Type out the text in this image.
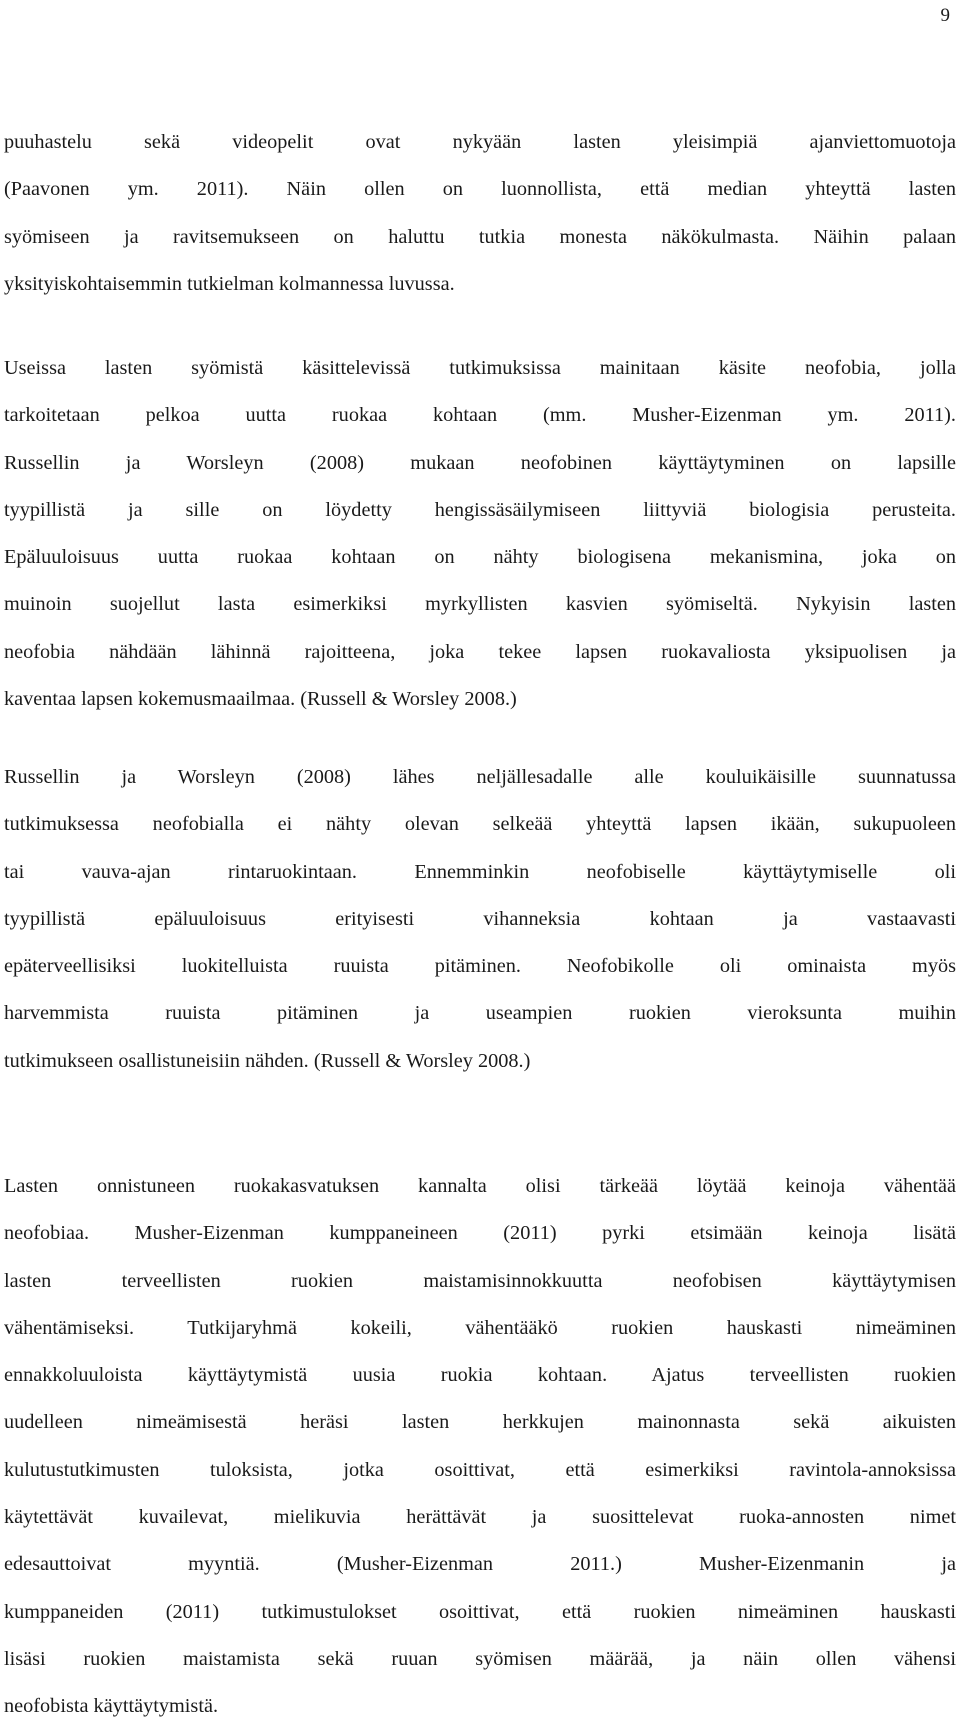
9
puuhastelu sekä videopelit ovat nykyään lasten yleisimpiä ajanviettomuotoja
(Paavonen ym. 2011). Näin ollen on luonnollista, että median yhteyttä lasten
syömiseen ja ravitsemukseen on haluttu tutkia monesta näkökulmasta. Näihin palaan
yksityiskohtaisemmin tutkielman kolmannessa luvussa.
Useissa lasten syömistä käsittelevissä tutkimuksissa mainitaan käsite neofobia, jolla
tarkoitetaan pelkoa uutta ruokaa kohtaan (mm. Musher-Eizenman ym. 2011).
Russellin ja Worsleyn (2008) mukaan neofobinen käyttäytyminen on lapsille
tyypillistä ja sille on löydetty hengissäsäilymiseen liittyviä biologisia perusteita.
Epäluuloisuus uutta ruokaa kohtaan on nähty biologisena mekanismina, joka on
muinoin suojellut lasta esimerkiksi myrkyllisten kasvien syömiseltä. Nykyisin lasten
neofobia nähdään lähinnä rajoitteena, joka tekee lapsen ruokavaliosta yksipuolisen ja
kaventaa lapsen kokemusmaailmaa. (Russell & Worsley 2008.)
Russellin ja Worsleyn (2008) lähes neljällesadalle alle kouluikäisille suunnatussa
tutkimuksessa neofobialla ei nähty olevan selkeää yhteyttä lapsen ikään, sukupuoleen
tai vauva-ajan rintaruokintaan. Ennemminkin neofobiselle käyttäytymiselle oli
tyypillistä epäluuloisuus erityisesti vihanneksia kohtaan ja vastaavasti
epäterveellisiksi luokitelluista ruuista pitäminen. Neofobikolle oli ominaista myös
harvemmista ruuista pitäminen ja useampien ruokien vieroksunta muihin
tutkimukseen osallistuneisiin nähden. (Russell & Worsley 2008.)
Lasten onnistuneen ruokakasvatuksen kannalta olisi tärkeää löytää keinoja vähentää
neofobiaa. Musher-Eizenman kumppaneineen (2011) pyrki etsimään keinoja lisätä
lasten terveellisten ruokien maistamisinnokkuutta neofobisen käyttäytymisen
vähentämiseksi. Tutkijaryhmä kokeili, vähentääkö ruokien hauskasti nimeäminen
ennakkoluuloista käyttäytymistä uusia ruokia kohtaan. Ajatus terveellisten ruokien
uudelleen nimeämisestä heräsi lasten herkkujen mainonnasta sekä aikuisten
kulutustutkimusten tuloksista, jotka osoittivat, että esimerkiksi ravintola-annoksissa
käytettävät kuvailevat, mielikuvia herättävät ja suosittelevat ruoka-annosten nimet
edesauttoivat myyntiä. (Musher-Eizenman 2011.) Musher-Eizenmanin ja
kumppaneiden (2011) tutkimustulokset osoittivat, että ruokien nimeäminen hauskasti
lisäsi ruokien maistamista sekä ruuan syömisen määrää, ja näin ollen vähensi
neofobista käyttäytymistä.
